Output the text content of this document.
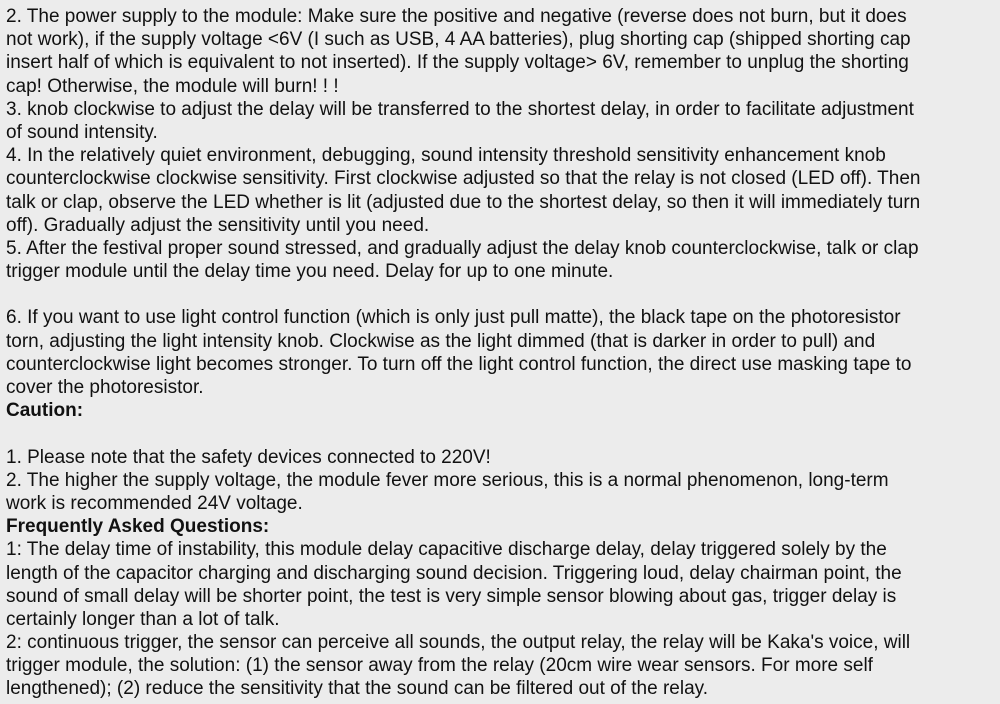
2. The power supply to the module: Make sure the positive and negative (reverse does not burn, but it does
not work), if the supply voltage <6V (I such as USB, 4 AA batteries), plug shorting cap (shipped shorting cap
insert half of which is equivalent to not inserted). If the supply voltage> 6V, remember to unplug the shorting
cap! Otherwise, the module will burn! ! !
3. knob clockwise to adjust the delay will be transferred to the shortest delay, in order to facilitate adjustment
of sound intensity.
4. In the relatively quiet environment, debugging, sound intensity threshold sensitivity enhancement knob
counterclockwise clockwise sensitivity. First clockwise adjusted so that the relay is not closed (LED off). Then
talk or clap, observe the LED whether is lit (adjusted due to the shortest delay, so then it will immediately turn
off). Gradually adjust the sensitivity until you need.
5. After the festival proper sound stressed, and gradually adjust the delay knob counterclockwise, talk or clap
trigger module until the delay time you need. Delay for up to one minute.
6. If you want to use light control function (which is only just pull matte), the black tape on the photoresistor
torn, adjusting the light intensity knob. Clockwise as the light dimmed (that is darker in order to pull) and
counterclockwise light becomes stronger. To turn off the light control function, the direct use masking tape to
cover the photoresistor.
Caution:
1. Please note that the safety devices connected to 220V!
2. The higher the supply voltage, the module fever more serious, this is a normal phenomenon, long-term
work is recommended 24V voltage.
Frequently Asked Questions:
1: The delay time of instability, this module delay capacitive discharge delay, delay triggered solely by the
length of the capacitor charging and discharging sound decision. Triggering loud, delay chairman point, the
sound of small delay will be shorter point, the test is very simple sensor blowing about gas, trigger delay is
certainly longer than a lot of talk.
2: continuous trigger, the sensor can perceive all sounds, the output relay, the relay will be Kaka's voice, will
trigger module, the solution: (1) the sensor away from the relay (20cm wire wear sensors. For more self
lengthened); (2) reduce the sensitivity that the sound can be filtered out of the relay.
